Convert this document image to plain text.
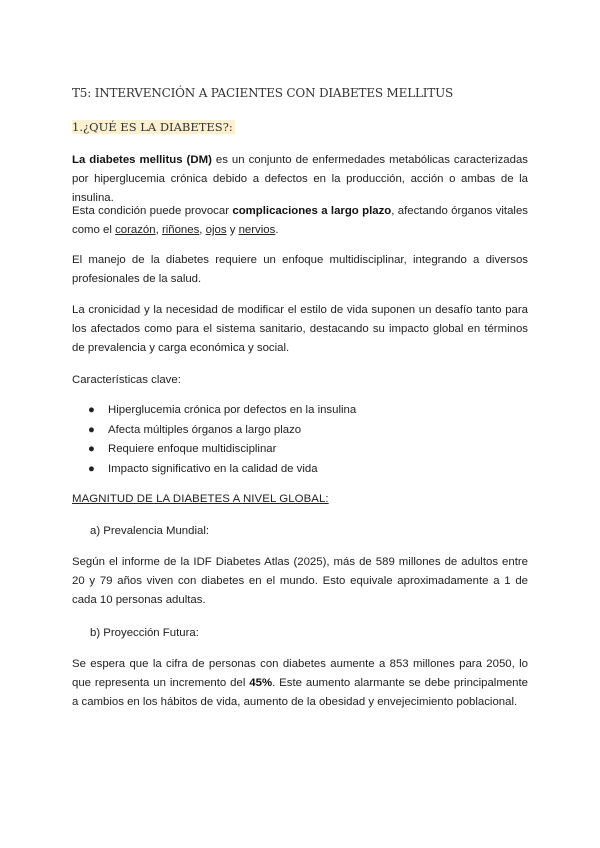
T5: INTERVENCIÓN A PACIENTES CON DIABETES MELLITUS
1.¿QUÉ ES LA DIABETES?:

La diabetes mellitus (DM) es un conjunto de enfermedades metabólicas caracterizadas por hiperglucemia crónica debido a defectos en la producción, acción o ambas de la insulina.

Esta condición puede provocar complicaciones a largo plazo, afectando órganos vitales como el corazón, riñones, ojos y nervios.

El manejo de la diabetes requiere un enfoque multidisciplinar, integrando a diversos profesionales de la salud.

La cronicidad y la necesidad de modificar el estilo de vida suponen un desafío tanto para los afectados como para el sistema sanitario, destacando su impacto global en términos de prevalencia y carga económica y social.

Características clave:

● Hiperglucemia crónica por defectos en la insulina
● Afecta múltiples órganos a largo plazo
● Requiere enfoque multidisciplinar
● Impacto significativo en la calidad de vida
MAGNITUD DE LA DIABETES A NIVEL GLOBAL:
a) Prevalencia Mundial:

Según el informe de la IDF Diabetes Atlas (2025), más de 589 millones de adultos entre 20 y 79 años viven con diabetes en el mundo. Esto equivale aproximadamente a 1 de cada 10 personas adultas.

b) Proyección Futura:

Se espera que la cifra de personas con diabetes aumente a 853 millones para 2050, lo que representa un incremento del 45%. Este aumento alarmante se debe principalmente a cambios en los hábitos de vida, aumento de la obesidad y envejecimiento poblacional.
